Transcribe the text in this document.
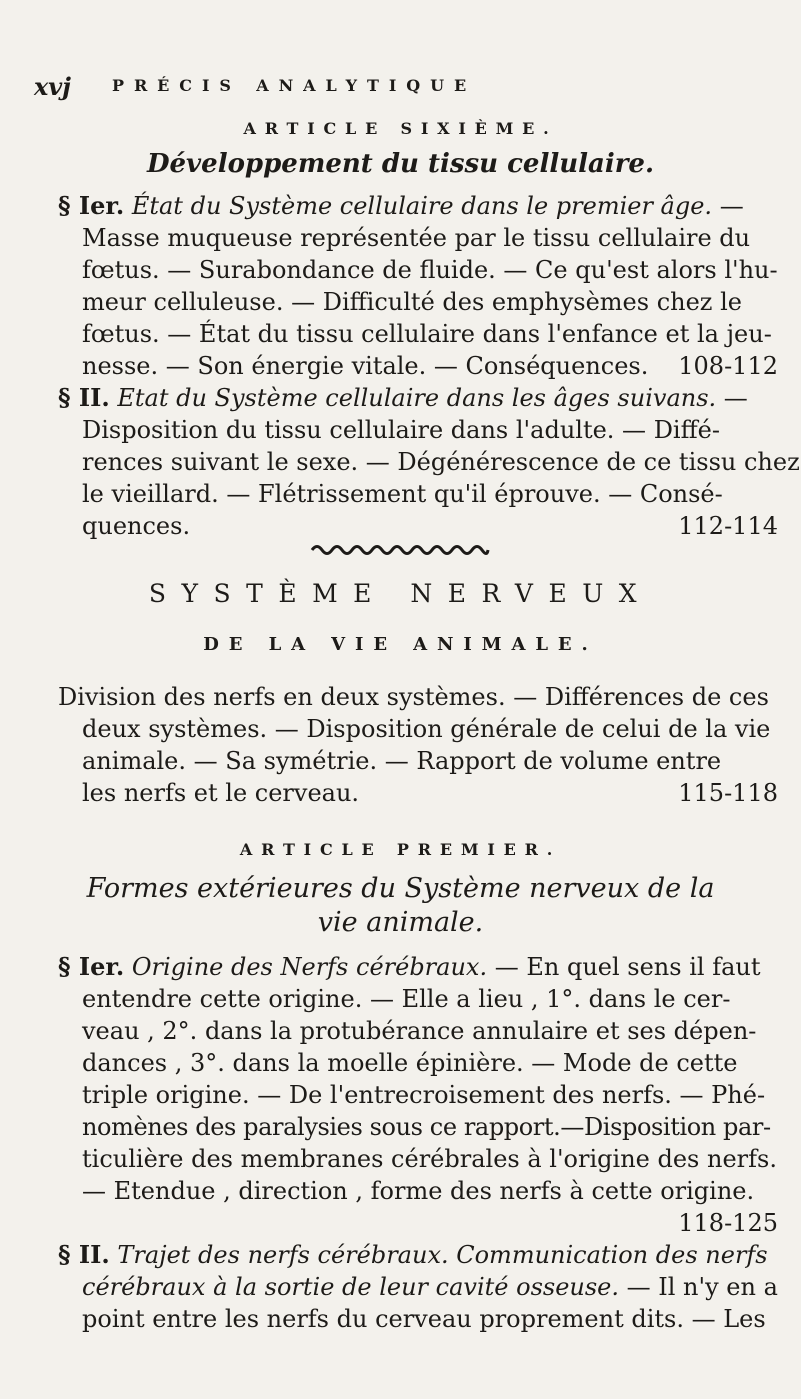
xvj	PRÉCIS ANALYTIQUE
ARTICLE SIXIÈME.
Développement du tissu cellulaire.
§ Ier. État du Système cellulaire dans le premier âge. —
Masse muqueuse représentée par le tissu cellulaire du
fœtus. — Surabondance de fluide. — Ce qu'est alors l'hu-
meur celluleuse. — Difficulté des emphysèmes chez le
fœtus. — État du tissu cellulaire dans l'enfance et la jeu-
nesse. — Son énergie vitale. — Conséquences. 108-112
§ II. Etat du Système cellulaire dans les âges suivans. —
Disposition du tissu cellulaire dans l'adulte. — Diffé-
rences suivant le sexe. — Dégénérescence de ce tissu chez
le vieillard. — Flétrissement qu'il éprouve. — Consé-
quences.	112-114
SYSTÈME NERVEUX
DE LA VIE ANIMALE.
Division des nerfs en deux systèmes. — Différences de ces
deux systèmes. — Disposition générale de celui de la vie
animale. — Sa symétrie. — Rapport de volume entre
les nerfs et le cerveau.	115-118
ARTICLE PREMIER.
Formes extérieures du Système nerveux de la
vie animale.
§ Ier. Origine des Nerfs cérébraux. — En quel sens il faut
entendre cette origine. — Elle a lieu , 1°. dans le cer-
veau , 2°. dans la protubérance annulaire et ses dépen-
dances , 3°. dans la moelle épinière. — Mode de cette
triple origine. — De l'entrecroisement des nerfs. — Phé-
nomènes des paralysies sous ce rapport.—Disposition par-
ticulière des membranes cérébrales à l'origine des nerfs.
— Etendue , direction , forme des nerfs à cette origine.
118-125
§ II. Trajet des nerfs cérébraux. Communication des nerfs
cérébraux à la sortie de leur cavité osseuse. — Il n'y en a
point entre les nerfs du cerveau proprement dits. — Les
